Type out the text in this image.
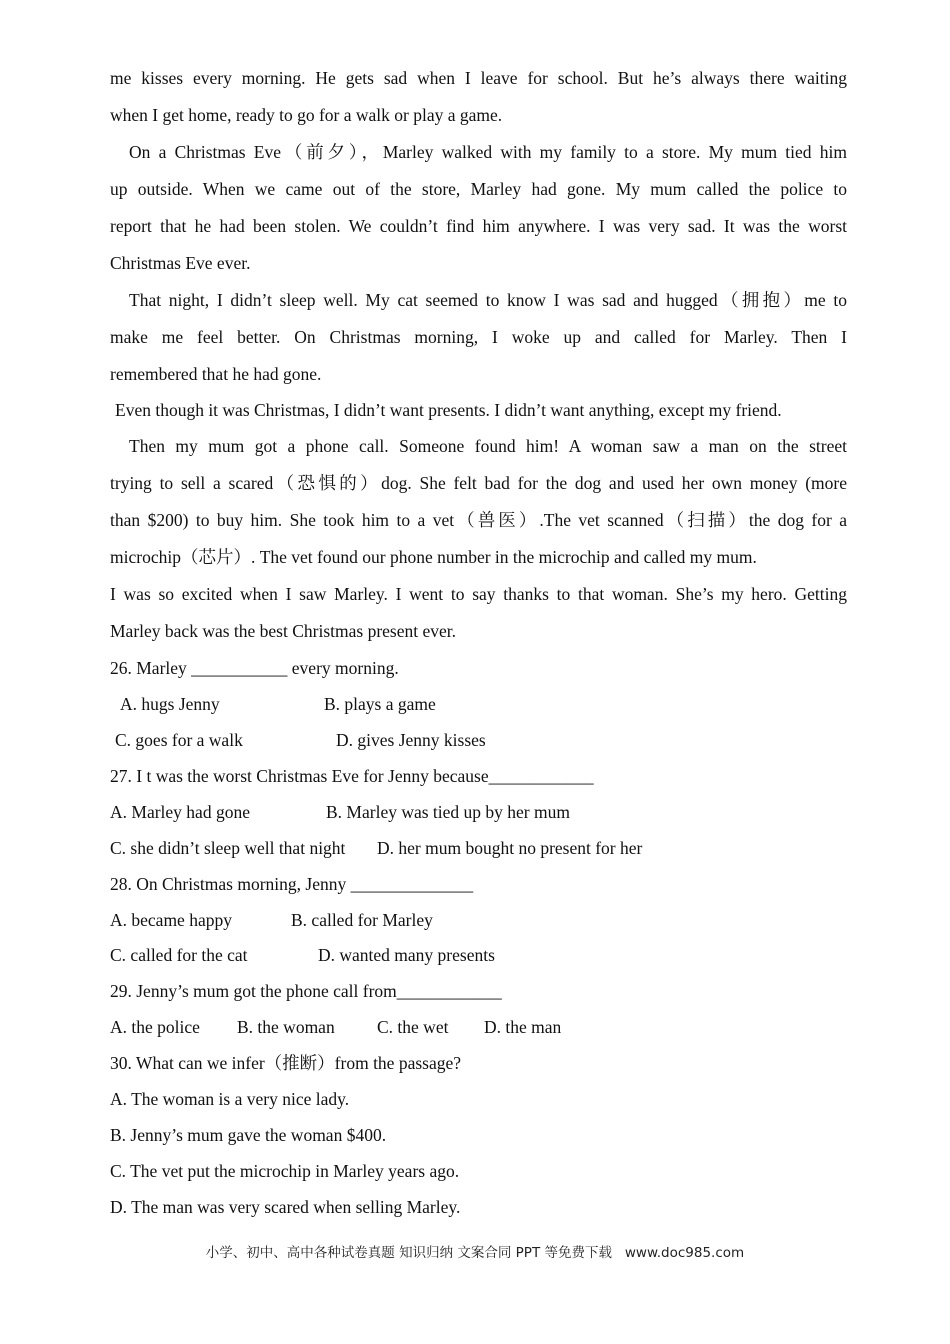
me kisses every morning. He gets sad when I leave for school. But he’s always there waiting
when I get home, ready to go for a walk or play a game.
On a Christmas Eve（前夕），Marley walked with my family to a store. My mum tied him
up outside. When we came out of the store, Marley had gone. My mum called the police to
report that he had been stolen. We couldn’t find him anywhere. I was very sad. It was the worst
Christmas Eve ever.
That night, I didn’t sleep well. My cat seemed to know I was sad and hugged（拥抱）me to
make me feel better. On Christmas morning, I woke up and called for Marley. Then I
remembered that he had gone.
Even though it was Christmas, I didn’t want presents. I didn’t want anything, except my friend.
Then my mum got a phone call. Someone found him! A woman saw a man on the street
trying to sell a scared（恐惧的）dog. She felt bad for the dog and used her own money (more
than $200) to buy him. She took him to a vet（兽医）.The vet scanned（扫描）the dog for a
microchip（芯片）. The vet found our phone number in the microchip and called my mum.
I was so excited when I saw Marley. I went to say thanks to that woman. She’s my hero. Getting
Marley back was the best Christmas present ever.
26. Marley ___________ every morning.
A. hugs Jenny	B. plays a game
C. goes for a walk	D. gives Jenny kisses
27. I t was the worst Christmas Eve for Jenny because____________
A. Marley had gone	B. Marley was tied up by her mum
C. she didn’t sleep well that night D. her mum bought no present for her
28. On Christmas morning, Jenny ______________
A. became happy	B. called for Marley
C. called for the cat	D. wanted many presents
29. Jenny’s mum got the phone call from____________
A. the police B. the woman C. the wet D. the man
30. What can we infer（推断）from the passage?
A. The woman is a very nice lady.
B. Jenny’s mum gave the woman $400.
C. The vet put the microchip in Marley years ago.
D. The man was very scared when selling Marley.
小学、初中、高中各种试卷真题 知识归纳 文案合同 PPT 等免费下载   www.doc985.com
